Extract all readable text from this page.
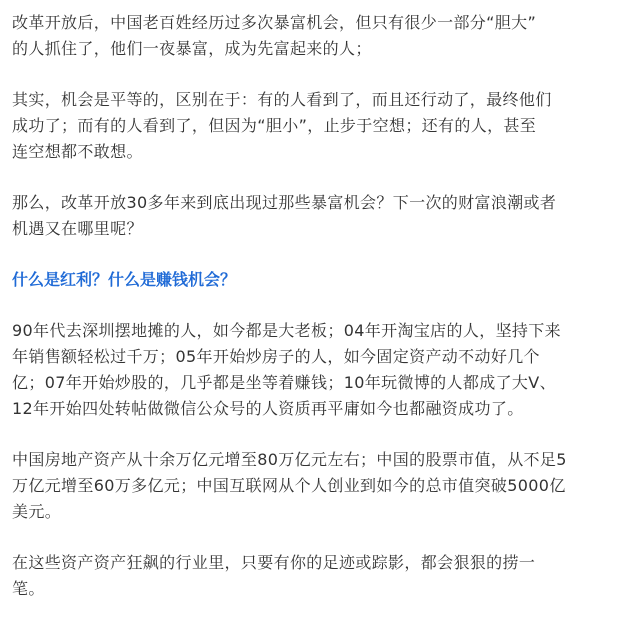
改革开放后，中国老百姓经历过多次暴富机会，但只有很少一部分“胆大”
的人抓住了，他们一夜暴富，成为先富起来的人；
其实，机会是平等的，区别在于：有的人看到了，而且还行动了，最终他们
成功了；而有的人看到了，但因为“胆小”，止步于空想；还有的人，甚至
连空想都不敢想。
那么，改革开放30多年来到底出现过那些暴富机会？下一次的财富浪潮或者
机遇又在哪里呢？
什么是红利？什么是赚钱机会？
90年代去深圳摆地摊的人，如今都是大老板；04年开淘宝店的人，坚持下来
年销售额轻松过千万；05年开始炒房子的人，如今固定资产动不动好几个
亿；07年开始炒股的，几乎都是坐等着赚钱；10年玩微博的人都成了大V、
12年开始四处转帖做微信公众号的人资质再平庸如今也都融资成功了。
中国房地产资产从十余万亿元增至80万亿元左右；中国的股票市值，从不足5
万亿元增至60万多亿元；中国互联网从个人创业到如今的总市值突破5000亿
美元。
在这些资产资产狂飙的行业里，只要有你的足迹或踪影，都会狠狠的捞一
笔。
